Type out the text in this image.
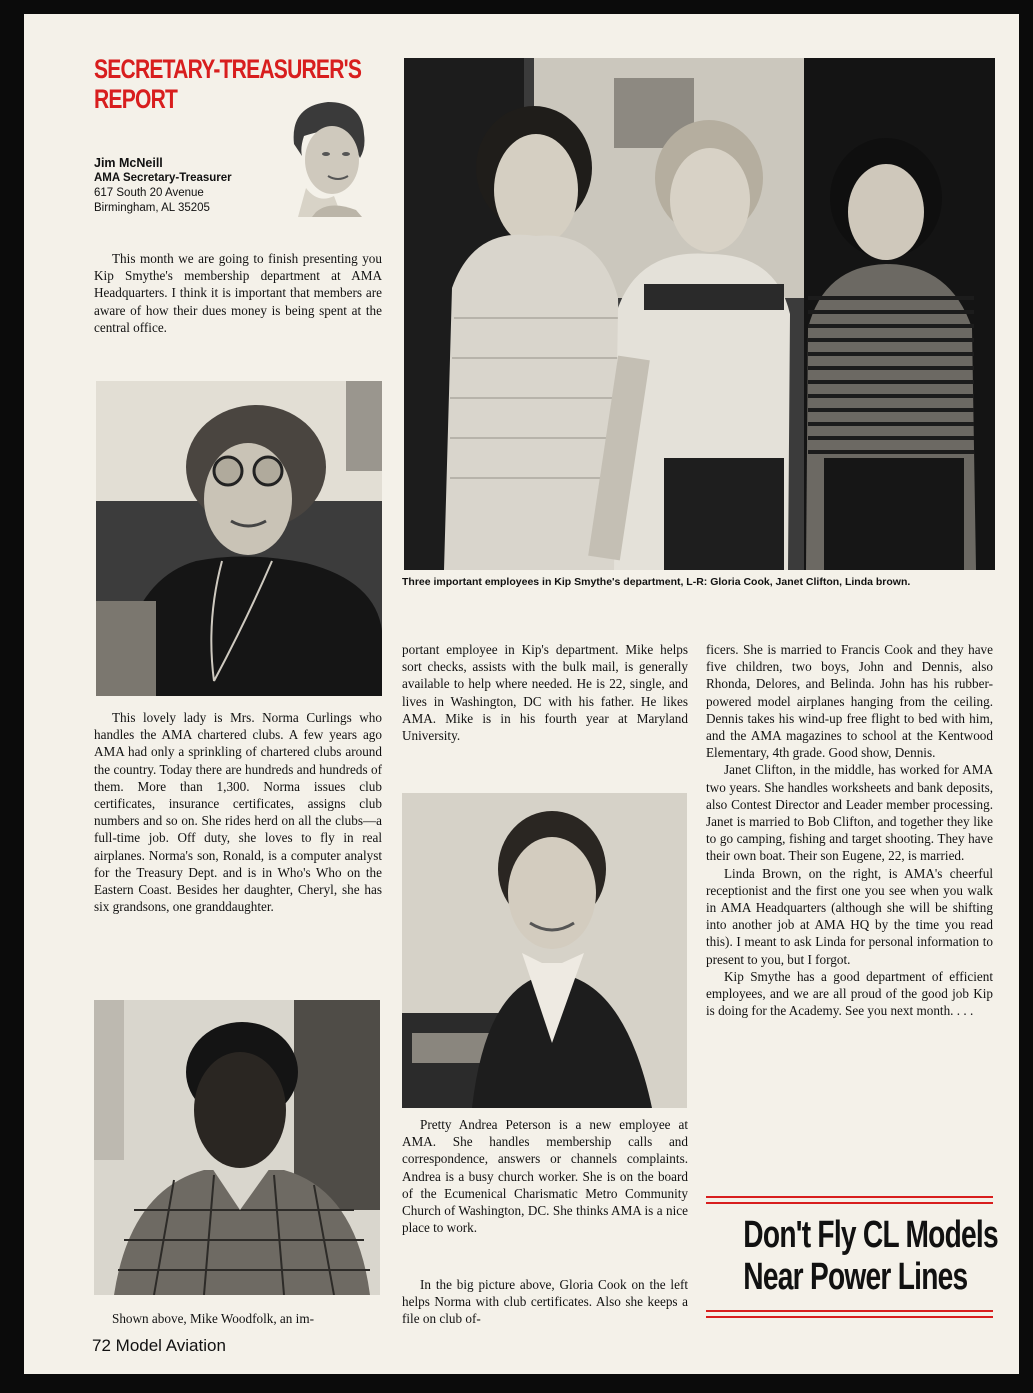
SECRETARY-TREASURER'S
REPORT
Jim McNeill
AMA Secretary-Treasurer
617 South 20 Avenue
Birmingham, AL 35205

This month we are going to finish presenting you Kip Smythe's membership department at AMA Headquarters. I think it is important that members are aware of how their dues money is being spent at the central office.

This lovely lady is Mrs. Norma Curlings who handles the AMA chartered clubs. A few years ago AMA had only a sprinkling of chartered clubs around the country. Today there are hundreds and hundreds of them. More than 1,300. Norma issues club certificates, insurance certificates, assigns club numbers and so on. She rides herd on all the clubs—a full-time job. Off duty, she loves to fly in real airplanes. Norma's son, Ronald, is a computer analyst for the Treasury Dept. and is in Who's Who on the Eastern Coast. Besides her daughter, Cheryl, she has six grandsons, one granddaughter.

Shown above, Mike Woodfolk, an im-

Three important employees in Kip Smythe's department, L-R: Gloria Cook, Janet Clifton, Linda brown.

portant employee in Kip's department. Mike helps sort checks, assists with the bulk mail, is generally available to help where needed. He is 22, single, and lives in Washington, DC with his father. He likes AMA. Mike is in his fourth year at Maryland University.

Pretty Andrea Peterson is a new employee at AMA. She handles membership calls and correspondence, answers or channels complaints. Andrea is a busy church worker. She is on the board of the Ecumenical Charismatic Metro Community Church of Washington, DC. She thinks AMA is a nice place to work.

In the big picture above, Gloria Cook on the left helps Norma with club certificates. Also she keeps a file on club of-

ficers. She is married to Francis Cook and they have five children, two boys, John and Dennis, also Rhonda, Delores, and Belinda. John has his rubber-powered model airplanes hanging from the ceiling. Dennis takes his wind-up free flight to bed with him, and the AMA magazines to school at the Kentwood Elementary, 4th grade. Good show, Dennis.

Janet Clifton, in the middle, has worked for AMA two years. She handles worksheets and bank deposits, also Contest Director and Leader member processing. Janet is married to Bob Clifton, and together they like to go camping, fishing and target shooting. They have their own boat. Their son Eugene, 22, is married.

Linda Brown, on the right, is AMA's cheerful receptionist and the first one you see when you walk in AMA Headquarters (although she will be shifting into another job at AMA HQ by the time you read this). I meant to ask Linda for personal information to present to you, but I forgot.

Kip Smythe has a good department of efficient employees, and we are all proud of the good job Kip is doing for the Academy. See you next month. . . .

Don't Fly CL Models
Near Power Lines
72 Model Aviation
